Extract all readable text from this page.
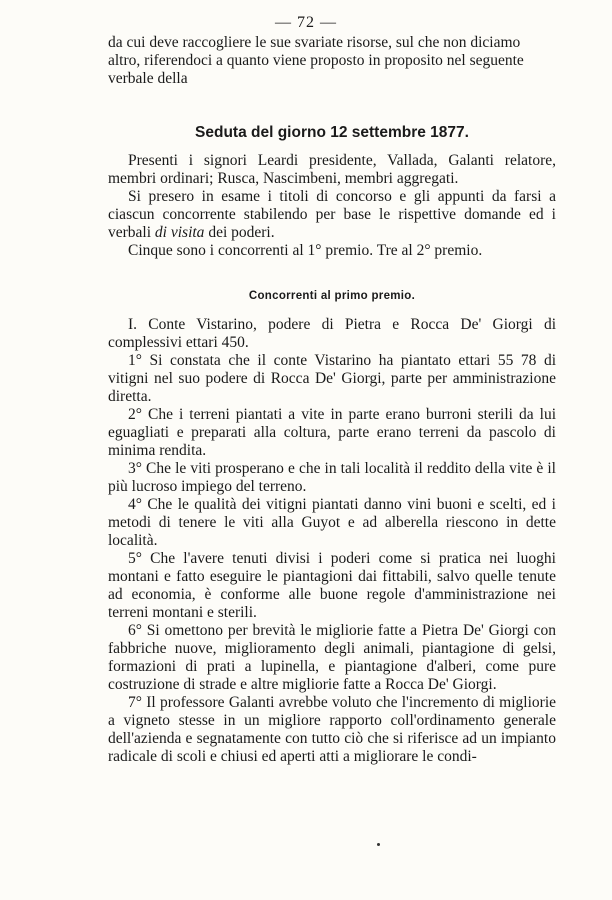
— 72 —

da cui deve raccogliere le sue svariate risorse, sul che non diciamo

altro, riferendoci a quanto viene proposto in proposito nel seguente

verbale della

Seduta del giorno 12 settembre 1877.

Presenti i signori Leardi presidente, Vallada, Galanti relatore, membri ordinari; Rusca, Nascimbeni, membri aggregati.

Si presero in esame i titoli di concorso e gli appunti da farsi a ciascun concorrente stabilendo per base le rispettive domande ed i verbali di visita dei poderi.

Cinque sono i concorrenti al 1° premio. Tre al 2° premio.

Concorrenti al primo premio.

I. Conte Vistarino, podere di Pietra e Rocca De' Giorgi di complessivi ettari 450.

1° Si constata che il conte Vistarino ha piantato ettari 55 78 di vitigni nel suo podere di Rocca De' Giorgi, parte per amministrazione diretta.

2° Che i terreni piantati a vite in parte erano burroni sterili da lui eguagliati e preparati alla coltura, parte erano terreni da pascolo di minima rendita.

3° Che le viti prosperano e che in tali località il reddito della vite è il più lucroso impiego del terreno.

4° Che le qualità dei vitigni piantati danno vini buoni e scelti, ed i metodi di tenere le viti alla Guyot e ad alberella riescono in dette località.

5° Che l'avere tenuti divisi i poderi come si pratica nei luoghi montani e fatto eseguire le piantagioni dai fittabili, salvo quelle tenute ad economia, è conforme alle buone regole d'amministrazione nei terreni montani e sterili.

6° Si omettono per brevità le migliorie fatte a Pietra De' Giorgi con fabbriche nuove, miglioramento degli animali, piantagione di gelsi, formazioni di prati a lupinella, e piantagione d'alberi, come pure costruzione di strade e altre migliorie fatte a Rocca De' Giorgi.

7° Il professore Galanti avrebbe voluto che l'incremento di migliorie a vigneto stesse in un migliore rapporto coll'ordinamento generale dell'azienda e segnatamente con tutto ciò che si riferisce ad un impianto radicale di scoli e chiusi ed aperti atti a migliorare le condi-
